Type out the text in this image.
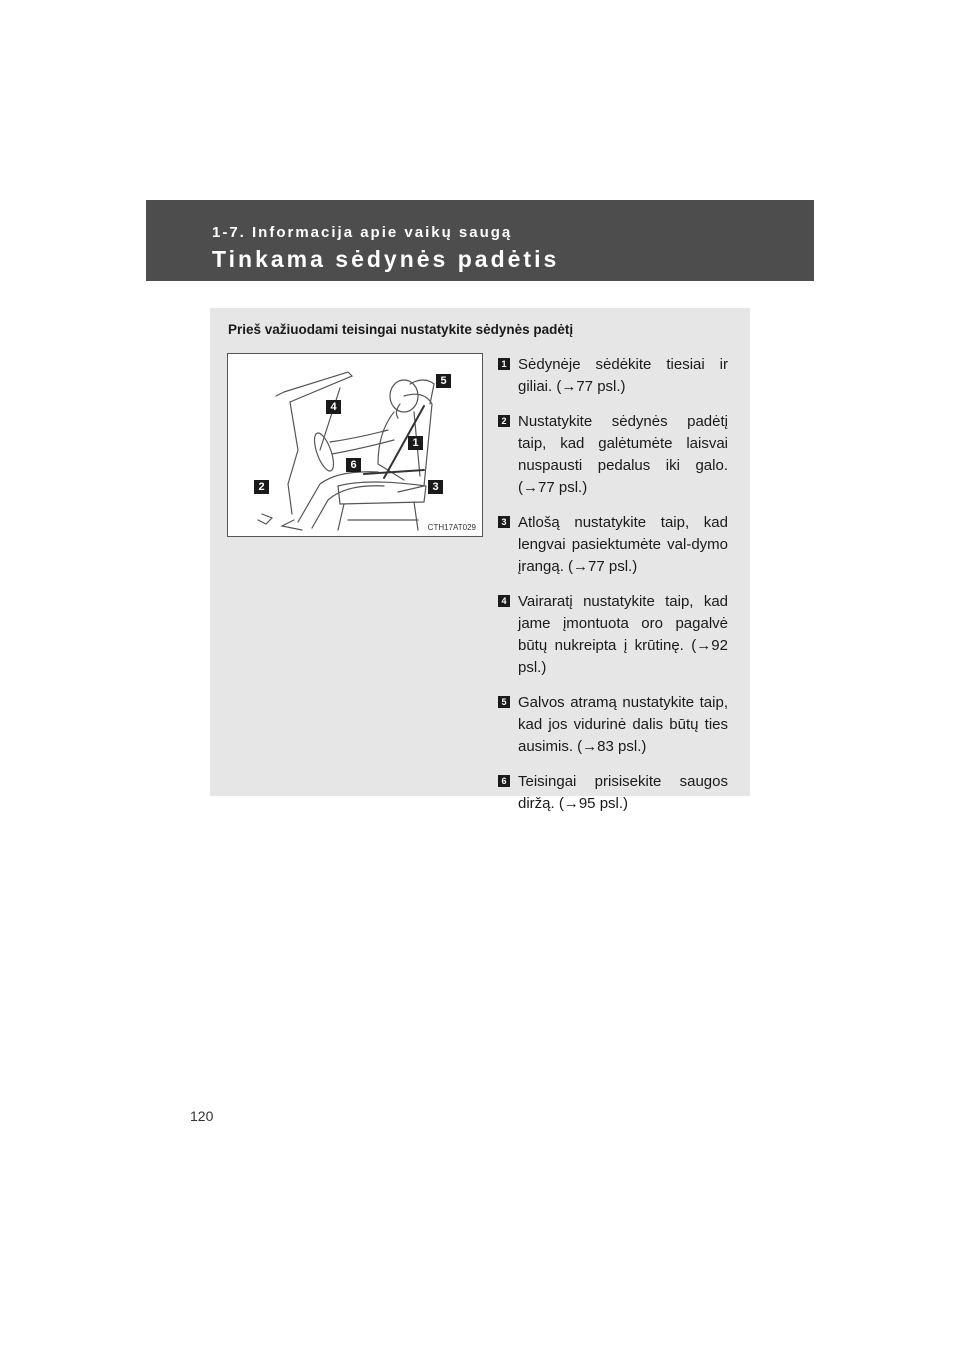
1-7. Informacija apie vaikų saugą

Tinkama sėdynės padėtis

Prieš važiuodami teisingai nustatykite sėdynės padėtį

5
4
1
6
2	3
CTH17AT029
1 Sėdynėje sėdėkite tiesiai ir giliai. (→77 psl.)
2 Nustatykite sėdynės padėtį taip, kad galėtumėte laisvai nuspausti pedalus iki galo. (→77 psl.)
3 Atlošą nustatykite taip, kad lengvai pasiektumėte val-dymo įrangą. (→77 psl.)
4 Vairaratį nustatykite taip, kad jame įmontuota oro pagalvė būtų nukreipta į krūtinę. (→92 psl.)
5 Galvos atramą nustatykite taip, kad jos vidurinė dalis būtų ties ausimis. (→83 psl.)
6 Teisingai prisisekite saugos diržą. (→95 psl.)
120
